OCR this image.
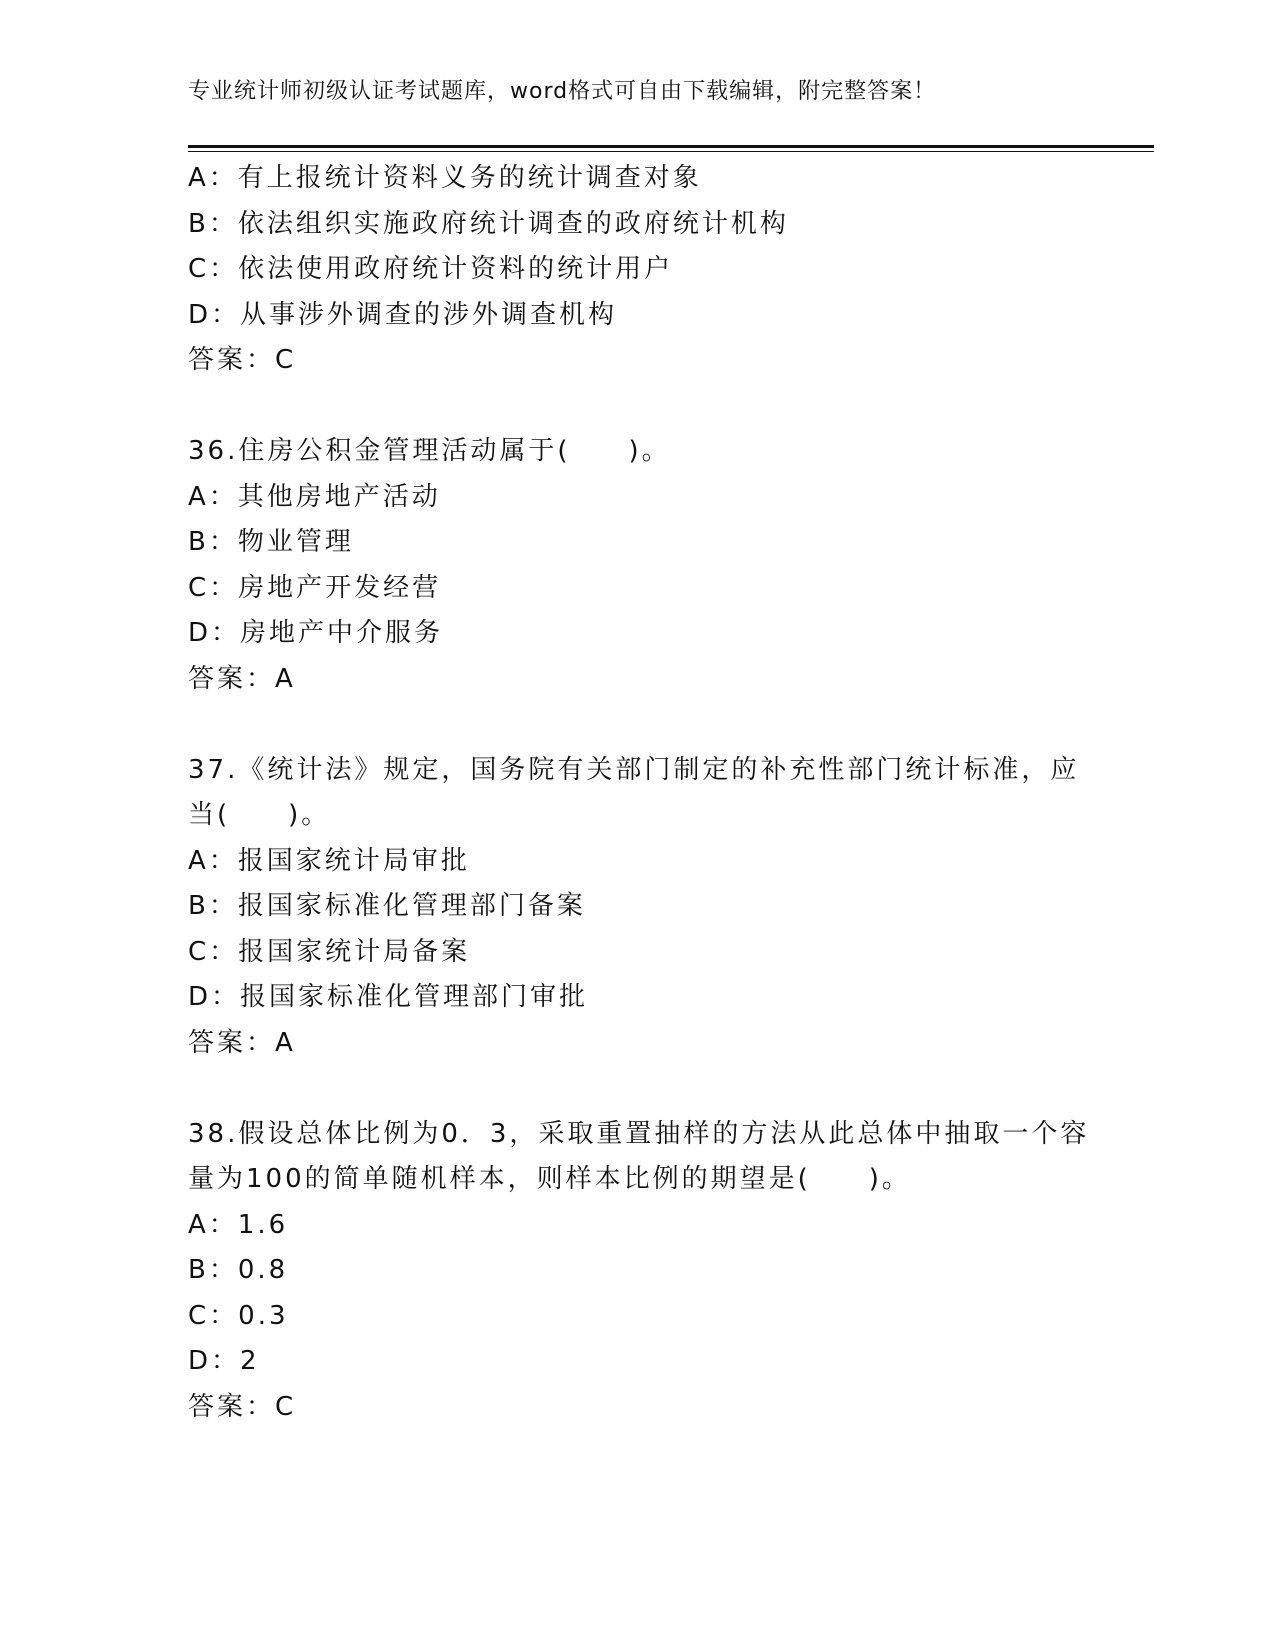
专业统计师初级认证考试题库，word格式可自由下载编辑，附完整答案！
A：有上报统计资料义务的统计调查对象
B：依法组织实施政府统计调查的政府统计机构
C：依法使用政府统计资料的统计用户
D：从事涉外调查的涉外调查机构
答案：C
36.住房公积金管理活动属于(　　)。
A：其他房地产活动
B：物业管理
C：房地产开发经营
D：房地产中介服务
答案：A
37.《统计法》规定，国务院有关部门制定的补充性部门统计标准，应
当(　　)。
A：报国家统计局审批
B：报国家标准化管理部门备案
C：报国家统计局备案
D：报国家标准化管理部门审批
答案：A
38.假设总体比例为0．3，采取重置抽样的方法从此总体中抽取一个容
量为100的简单随机样本，则样本比例的期望是(　　)。
A：1.6
B：0.8
C：0.3
D：2
答案：C
